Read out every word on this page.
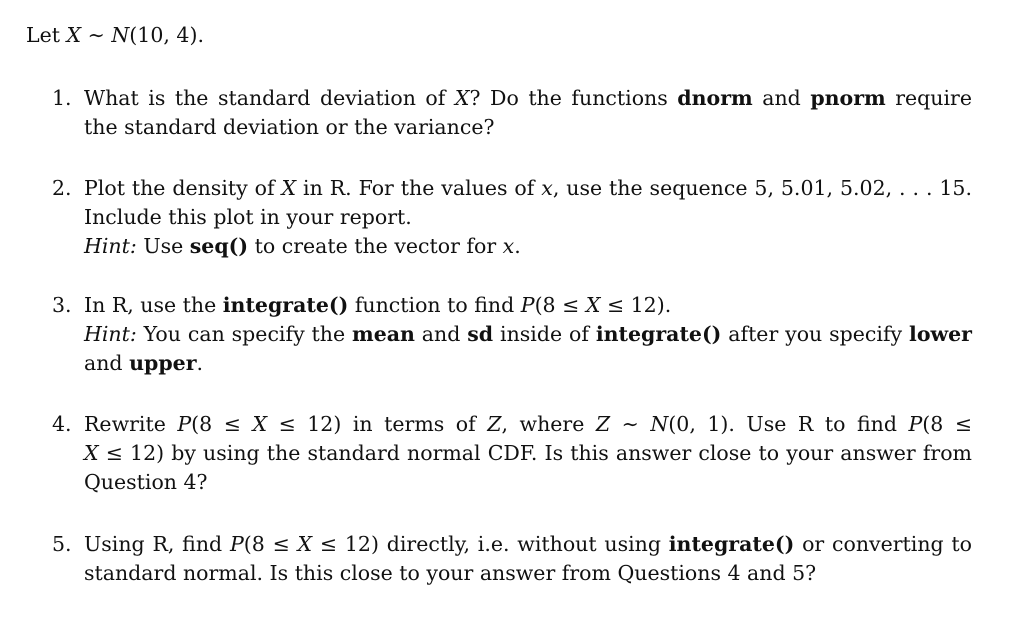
Let X ∼ N(10, 4).
1. What is the standard deviation of X? Do the functions dnorm and pnorm require
the standard deviation or the variance?
2. Plot the density of X in R. For the values of x, use the sequence 5, 5.01, 5.02, . . . 15.
Include this plot in your report.
Hint: Use seq() to create the vector for x.
3. In R, use the integrate() function to find P(8 ≤ X ≤ 12).
Hint: You can specify the mean and sd inside of integrate() after you specify lower
and upper.
4. Rewrite P(8 ≤ X ≤ 12) in terms of Z, where Z ∼ N(0, 1). Use R to find P(8 ≤
X ≤ 12) by using the standard normal CDF. Is this answer close to your answer from
Question 4?
5. Using R, find P(8 ≤ X ≤ 12) directly, i.e. without using integrate() or converting to
standard normal. Is this close to your answer from Questions 4 and 5?
